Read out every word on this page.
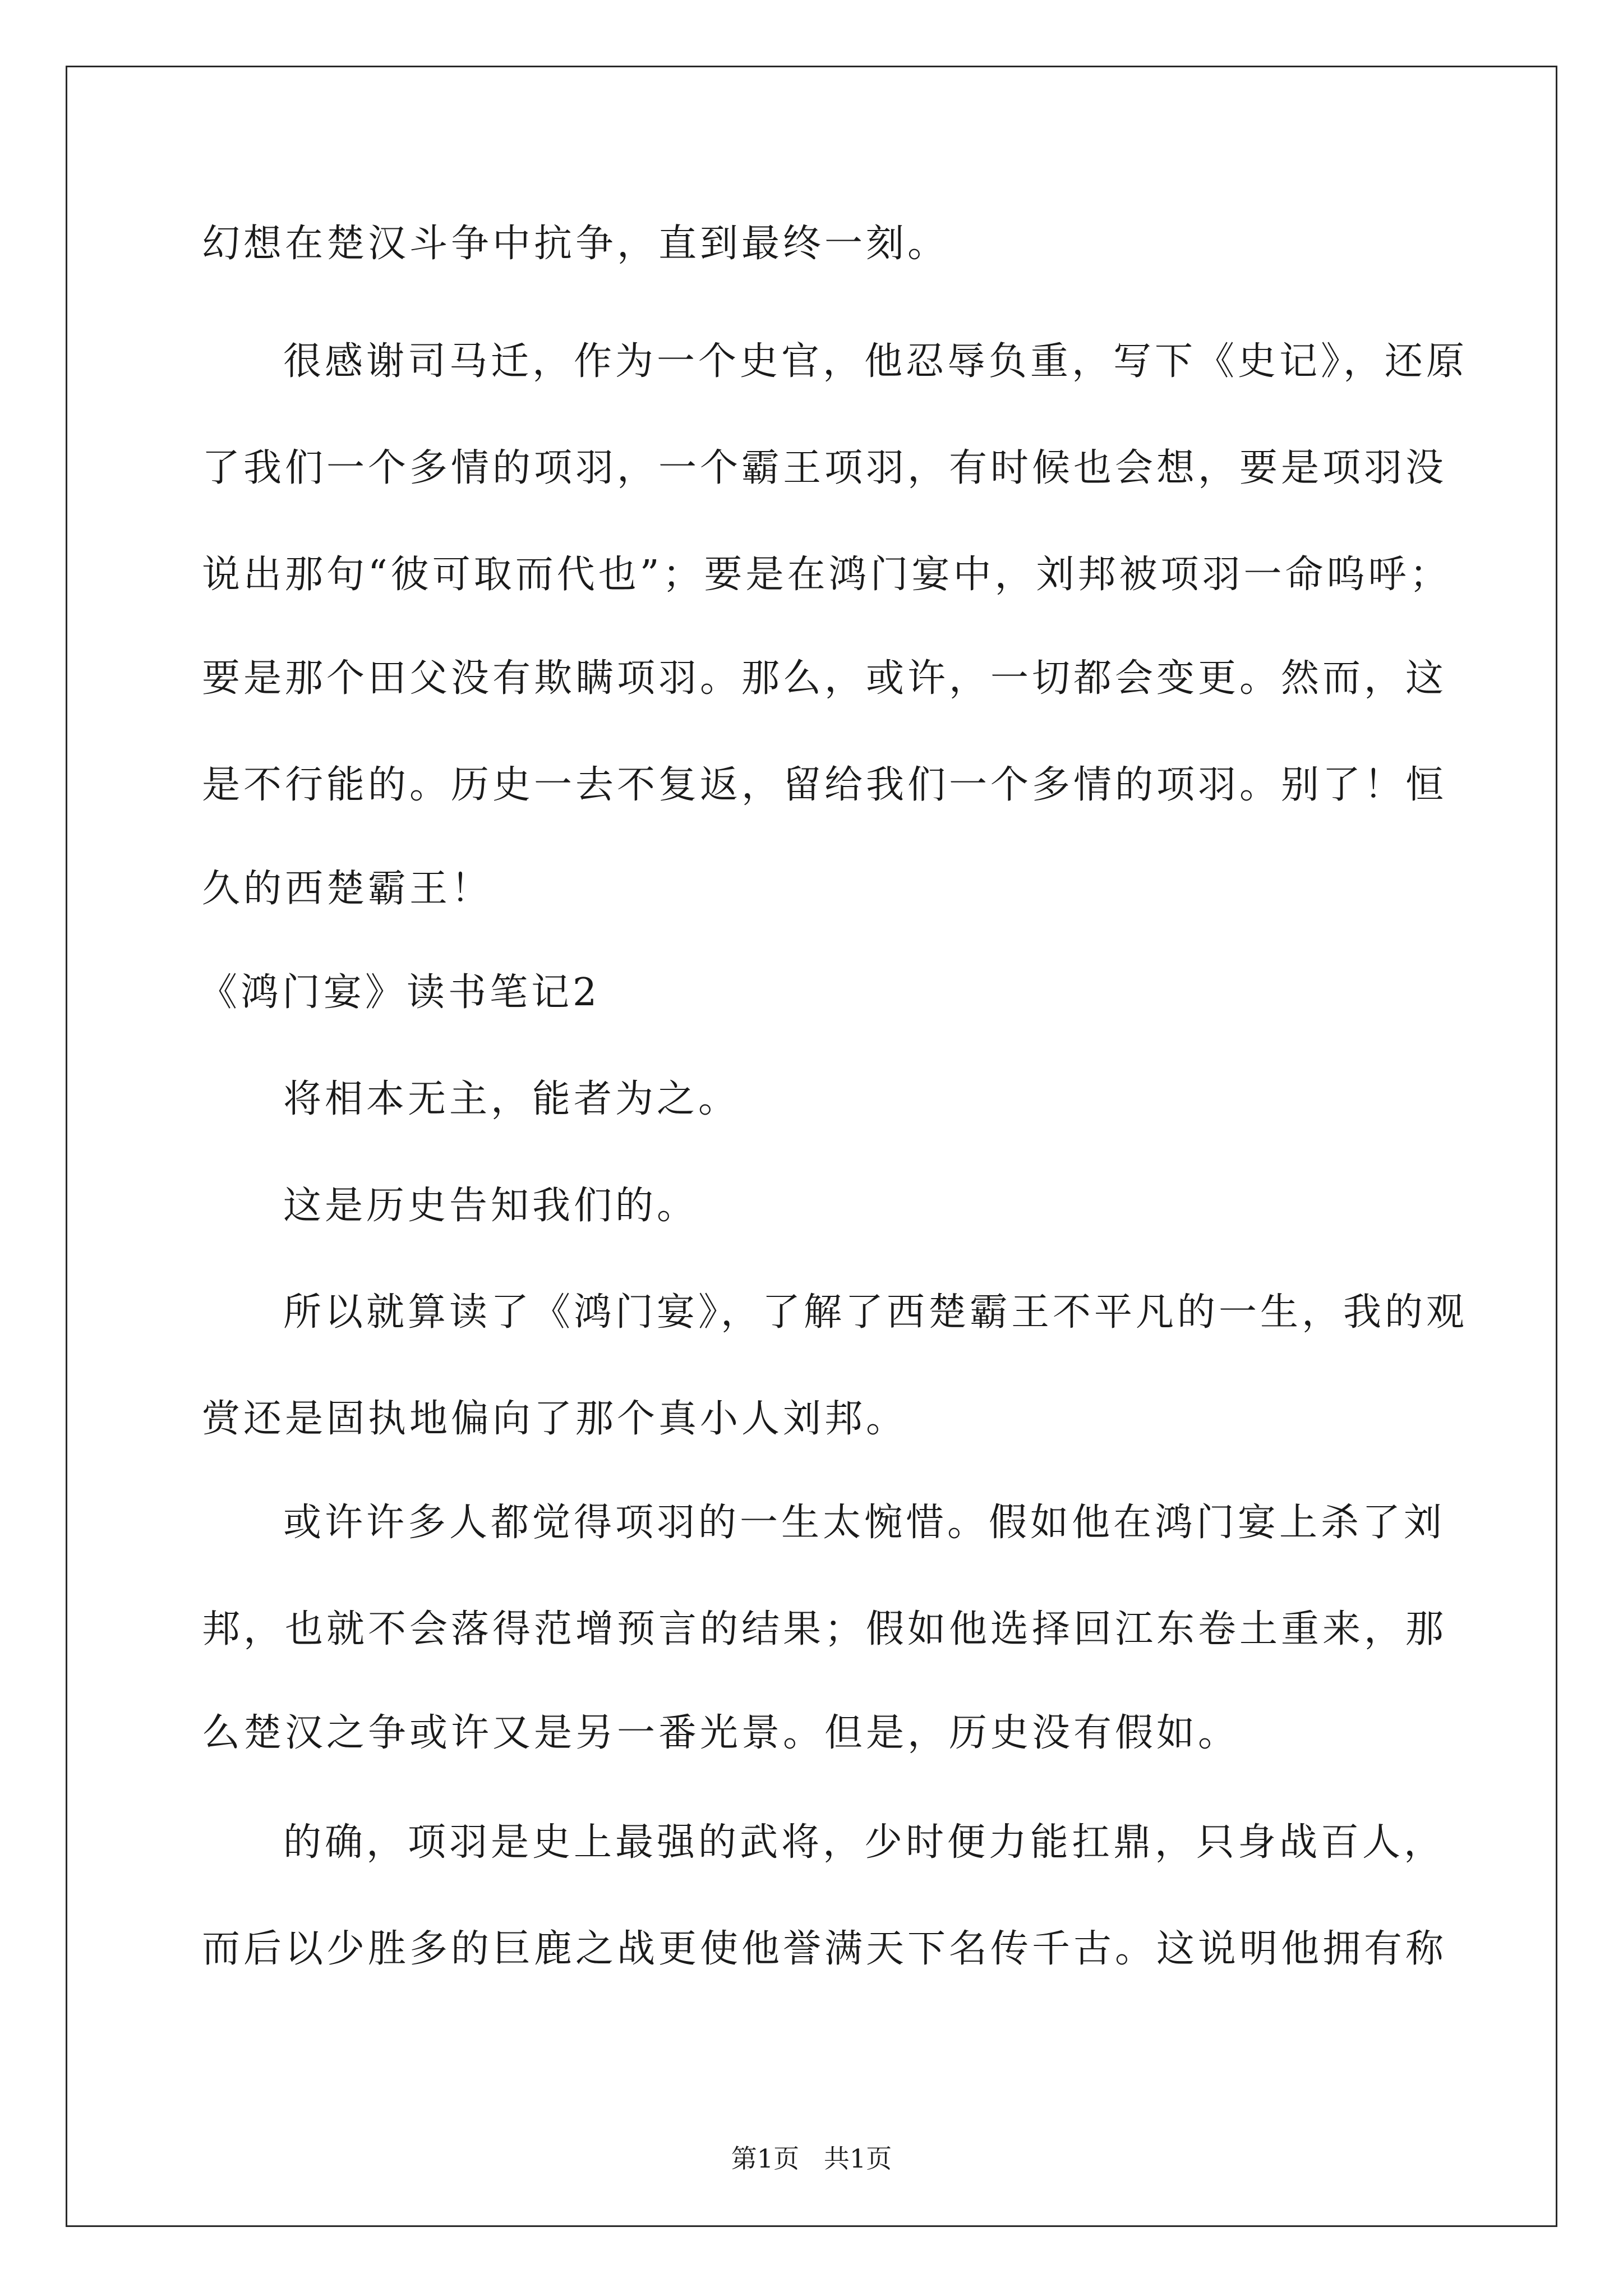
幻想在楚汉斗争中抗争，直到最终一刻。
很感谢司马迁，作为一个史官，他忍辱负重，写下《史记》，还原
了我们一个多情的项羽，一个霸王项羽，有时候也会想，要是项羽没
说出那句“彼可取而代也”；要是在鸿门宴中，刘邦被项羽一命呜呼；
要是那个田父没有欺瞒项羽。那么，或许，一切都会变更。然而，这
是不行能的。历史一去不复返，留给我们一个多情的项羽。别了！恒
久的西楚霸王！
《鸿门宴》读书笔记2
将相本无主，能者为之。
这是历史告知我们的。
所以就算读了《鸿门宴》，了解了西楚霸王不平凡的一生，我的观
赏还是固执地偏向了那个真小人刘邦。
或许许多人都觉得项羽的一生太惋惜。假如他在鸿门宴上杀了刘
邦，也就不会落得范增预言的结果；假如他选择回江东卷土重来，那
么楚汉之争或许又是另一番光景。但是，历史没有假如。
的确，项羽是史上最强的武将，少时便力能扛鼎，只身战百人，
而后以少胜多的巨鹿之战更使他誉满天下名传千古。这说明他拥有称
第1页   共1页
